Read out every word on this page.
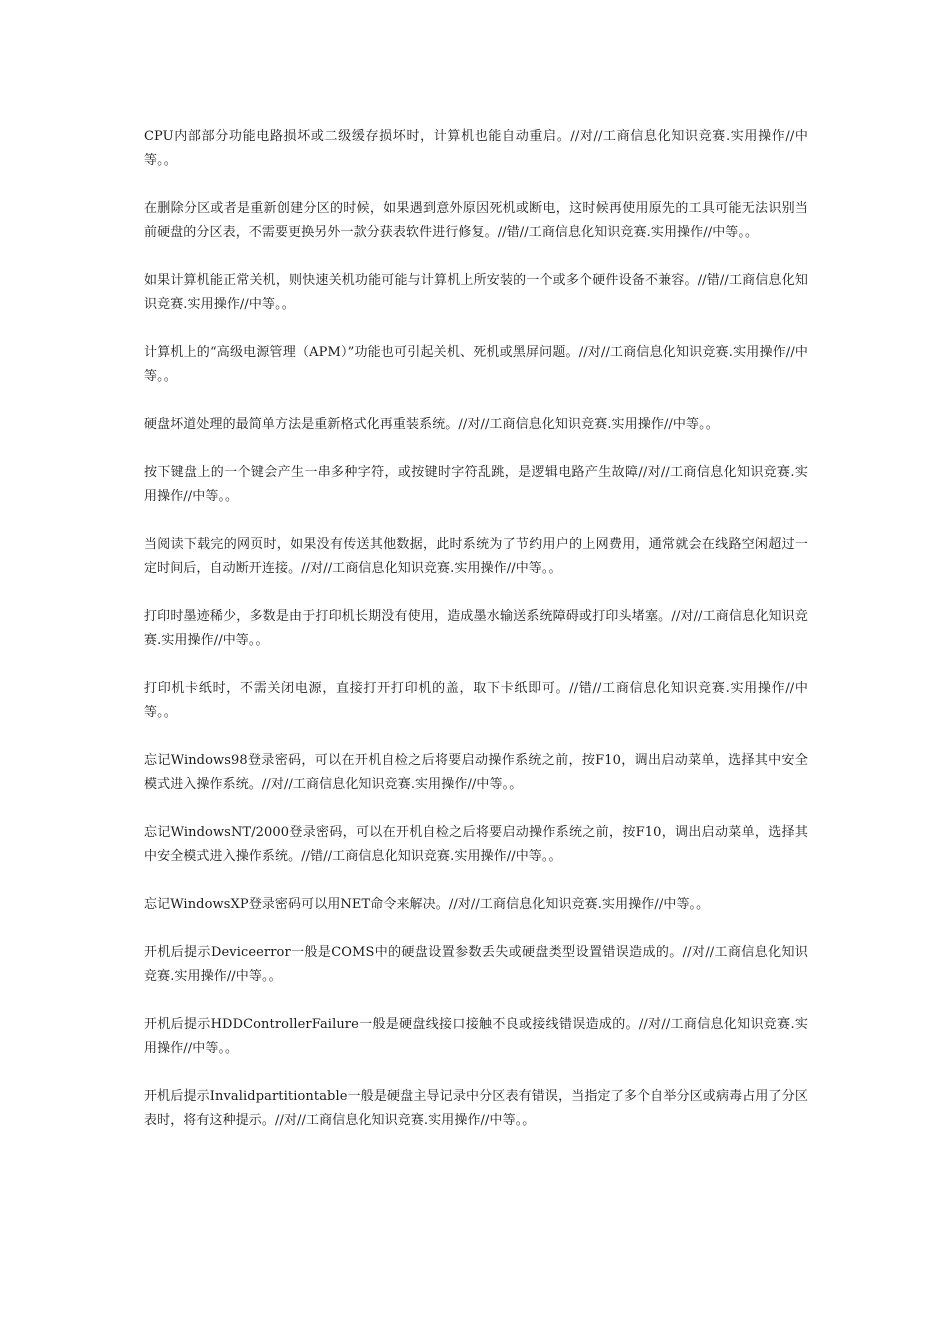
CPU内部部分功能电路损坏或二级缓存损坏时，计算机也能自动重启。//对//工商信息化知识竞赛.实用操作//中等。。

在删除分区或者是重新创建分区的时候，如果遇到意外原因死机或断电，这时候再使用原先的工具可能无法识别当前硬盘的分区表，不需要更换另外一款分获表软件进行修复。//错//工商信息化知识竞赛.实用操作//中等。。

如果计算机能正常关机，则快速关机功能可能与计算机上所安装的一个或多个硬件设备不兼容。//错//工商信息化知识竞赛.实用操作//中等。。

计算机上的“高级电源管理（APM）”功能也可引起关机、死机或黑屏问题。//对//工商信息化知识竞赛.实用操作//中等。。

硬盘坏道处理的最简单方法是重新格式化再重装系统。//对//工商信息化知识竞赛.实用操作//中等。。

按下键盘上的一个键会产生一串多种字符，或按键时字符乱跳，是逻辑电路产生故障//对//工商信息化知识竞赛.实用操作//中等。。

当阅读下载完的网页时，如果没有传送其他数据，此时系统为了节约用户的上网费用，通常就会在线路空闲超过一定时间后，自动断开连接。//对//工商信息化知识竞赛.实用操作//中等。。

打印时墨迹稀少，多数是由于打印机长期没有使用，造成墨水输送系统障碍或打印头堵塞。//对//工商信息化知识竞赛.实用操作//中等。。

打印机卡纸时，不需关闭电源，直接打开打印机的盖，取下卡纸即可。//错//工商信息化知识竞赛.实用操作//中等。。

忘记Windows98登录密码，可以在开机自检之后将要启动操作系统之前，按F10，调出启动菜单，选择其中安全模式进入操作系统。//对//工商信息化知识竞赛.实用操作//中等。。

忘记WindowsNT/2000登录密码，可以在开机自检之后将要启动操作系统之前，按F10，调出启动菜单，选择其中安全模式进入操作系统。//错//工商信息化知识竞赛.实用操作//中等。。

忘记WindowsXP登录密码可以用NET命令来解决。//对//工商信息化知识竞赛.实用操作//中等。。

开机后提示Deviceerror一般是COMS中的硬盘设置参数丢失或硬盘类型设置错误造成的。//对//工商信息化知识竞赛.实用操作//中等。。

开机后提示HDDControllerFailure一般是硬盘线接口接触不良或接线错误造成的。//对//工商信息化知识竞赛.实用操作//中等。。

开机后提示Invalidpartitiontable一般是硬盘主导记录中分区表有错误，当指定了多个自举分区或病毒占用了分区表时，将有这种提示。//对//工商信息化知识竞赛.实用操作//中等。。
